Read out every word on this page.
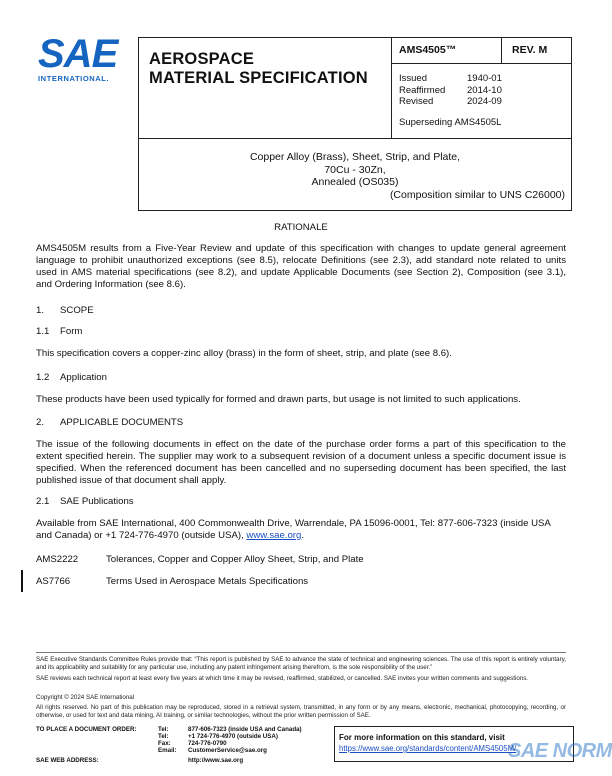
SAE
INTERNATIONAL.
AEROSPACE
MATERIAL SPECIFICATION
AMS4505™	REV. M
Issued	1940-01
Reaffirmed	2014-10
Revised	2024-09
Superseding AMS4505L
Copper Alloy (Brass), Sheet, Strip, and Plate,
70Cu - 30Zn,
Annealed (OS035)
(Composition similar to UNS C26000)
RATIONALE
AMS4505M results from a Five-Year Review and update of this specification with changes to update general agreement language to prohibit unauthorized exceptions (see 8.5), relocate Definitions (see 2.3), add standard note related to units used in AMS material specifications (see 8.2), and update Applicable Documents (see Section 2), Composition (see 3.1), and Ordering Information (see 8.6).
1. SCOPE
1.1 Form
This specification covers a copper-zinc alloy (brass) in the form of sheet, strip, and plate (see 8.6).
1.2 Application
These products have been used typically for formed and drawn parts, but usage is not limited to such applications.
2. APPLICABLE DOCUMENTS
The issue of the following documents in effect on the date of the purchase order forms a part of this specification to the extent specified herein. The supplier may work to a subsequent revision of a document unless a specific document issue is specified. When the referenced document has been cancelled and no superseding document has been specified, the last published issue of that document shall apply.
2.1 SAE Publications
Available from SAE International, 400 Commonwealth Drive, Warrendale, PA 15096-0001, Tel: 877-606-7323 (inside USA and Canada) or +1 724-776-4970 (outside USA), www.sae.org.
AMS2222	Tolerances, Copper and Copper Alloy Sheet, Strip, and Plate
AS7766	Terms Used in Aerospace Metals Specifications
SAE Executive Standards Committee Rules provide that: “This report is published by SAE to advance the state of technical and engineering sciences. The use of this report is entirely voluntary, and its applicability and suitability for any particular use, including any patent infringement arising therefrom, is the sole responsibility of the user.”
SAE reviews each technical report at least every five years at which time it may be revised, reaffirmed, stabilized, or cancelled. SAE invites your written comments and suggestions.
Copyright © 2024 SAE International
All rights reserved. No part of this publication may be reproduced, stored in a retrieval system, transmitted, in any form or by any means, electronic, mechanical, photocopying, recording, or otherwise, or used for text and data mining, AI training, or similar technologies, without the prior written permission of SAE.
TO PLACE A DOCUMENT ORDER:	Tel:	877-606-7323 (inside USA and Canada)
Tel:	+1 724-776-4970 (outside USA)
Fax:	724-776-0790
Email:	CustomerService@sae.org
SAE WEB ADDRESS:	http://www.sae.org
For more information on this standard, visit
https://www.sae.org/standards/content/AMS4505M/
SAE NORM
